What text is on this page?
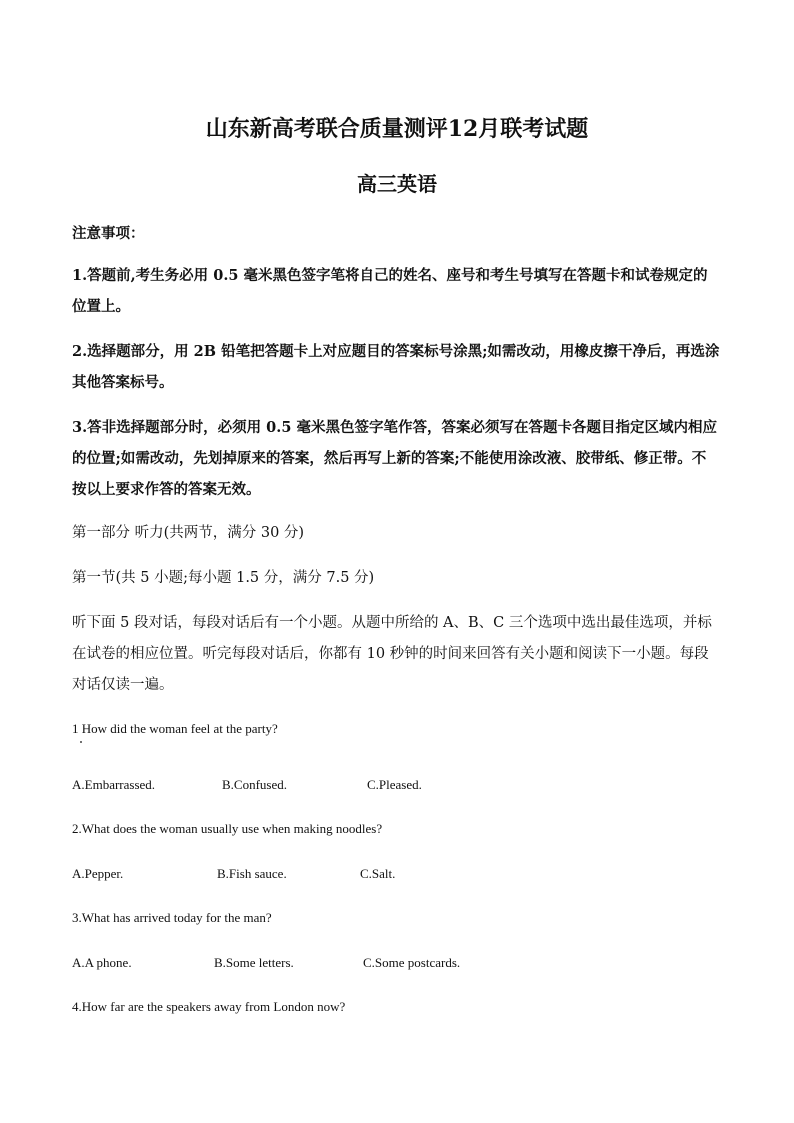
山东新高考联合质量测评12月联考试题
高三英语

注意事项：

1.答题前,考生务必用 0.5 毫米黑色签字笔将自己的姓名、座号和考生号填写在答题卡和试卷规定的位置上。

2.选择题部分，用 2B 铅笔把答题卡上对应题目的答案标号涂黑;如需改动，用橡皮擦干净后，再选涂其他答案标号。

3.答非选择题部分时，必须用 0.5 毫米黑色签字笔作答，答案必须写在答题卡各题目指定区域内相应的位置;如需改动，先划掉原来的答案，然后再写上新的答案;不能使用涂改液、胶带纸、修正带。不按以上要求作答的答案无效。

第一部分 听力(共两节，满分 30 分)

第一节(共 5 小题;每小题 1.5 分，满分 7.5 分)

听下面 5 段对话，每段对话后有一个小题。从题中所给的 A、B、C 三个选项中选出最佳选项，并标在试卷的相应位置。听完每段对话后，你都有 10 秒钟的时间来回答有关小题和阅读下一小题。每段对话仅读一遍。

1 How did the woman feel at the party?

A.Embarrassed.	B.Confused.	C.Pleased.

2.What does the woman usually use when making noodles?

A.Pepper.	B.Fish sauce.	C.Salt.

3.What has arrived today for the man?

A.A phone.	B.Some letters.	C.Some postcards.

4.How far are the speakers away from London now?
